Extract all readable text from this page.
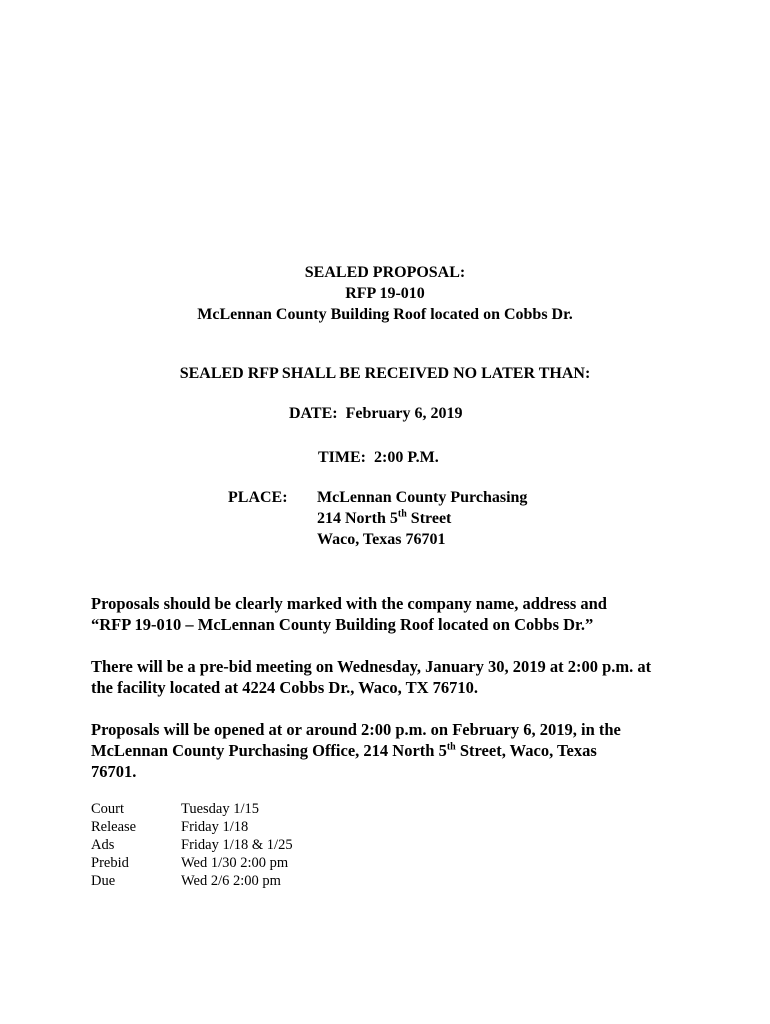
SEALED PROPOSAL:
RFP 19-010
McLennan County Building Roof located on Cobbs Dr.
SEALED RFP SHALL BE RECEIVED NO LATER THAN:
DATE: February 6, 2019
TIME: 2:00 P.M.
PLACE: McLennan County Purchasing
214 North 5th Street
Waco, Texas 76701
Proposals should be clearly marked with the company name, address and
“RFP 19-010 – McLennan County Building Roof located on Cobbs Dr.”
There will be a pre-bid meeting on Wednesday, January 30, 2019 at 2:00 p.m. at
the facility located at 4224 Cobbs Dr., Waco, TX 76710.
Proposals will be opened at or around 2:00 p.m. on February 6, 2019, in the
McLennan County Purchasing Office, 214 North 5th Street, Waco, Texas
76701.
Court	Tuesday 1/15
Release	Friday 1/18
Ads	Friday 1/18 & 1/25
Prebid	Wed 1/30 2:00 pm
Due	Wed 2/6 2:00 pm
